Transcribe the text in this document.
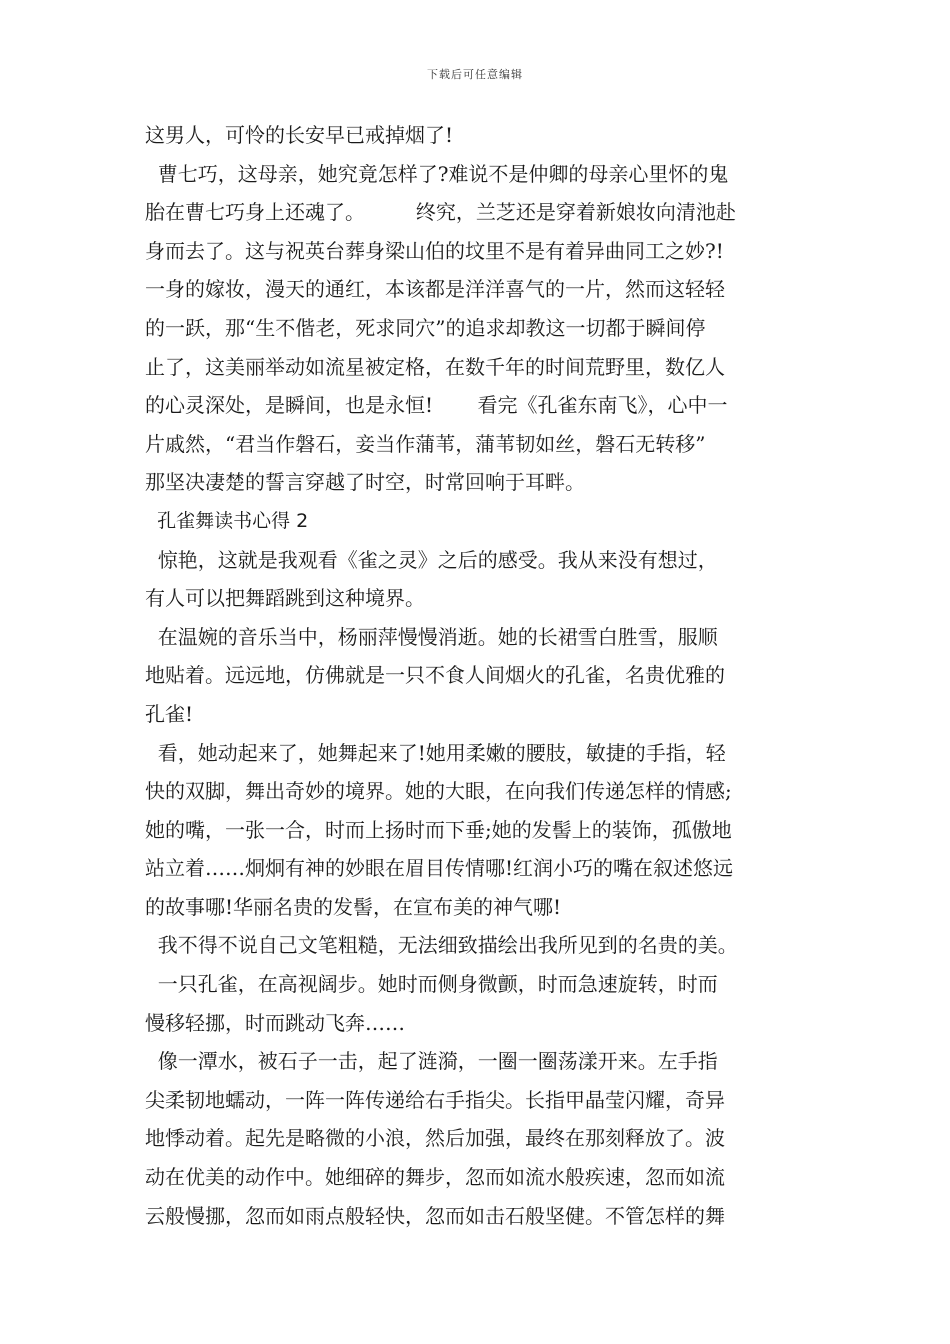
下载后可任意编辑
这男人，可怜的长安早已戒掉烟了!
曹七巧，这母亲，她究竟怎样了?难说不是仲卿的母亲心里怀的鬼
胎在曹七巧身上还魂了。        终究，兰芝还是穿着新娘妆向清池赴
身而去了。这与祝英台葬身梁山伯的坟里不是有着异曲同工之妙?!
一身的嫁妆，漫天的通红，本该都是洋洋喜气的一片，然而这轻轻
的一跃，那“生不偕老，死求同穴”的追求却教这一切都于瞬间停
止了，这美丽举动如流星被定格，在数千年的时间荒野里，数亿人
的心灵深处，是瞬间，也是永恒!       看完《孔雀东南飞》，心中一
片戚然，“君当作磐石，妾当作蒲苇，蒲苇韧如丝，磐石无转移”
那坚决凄楚的誓言穿越了时空，时常回响于耳畔。
孔雀舞读书心得 2
惊艳，这就是我观看《雀之灵》之后的感受。我从来没有想过，
有人可以把舞蹈跳到这种境界。
在温婉的音乐当中，杨丽萍慢慢消逝。她的长裙雪白胜雪，服顺
地贴着。远远地，仿佛就是一只不食人间烟火的孔雀，名贵优雅的
孔雀!
看，她动起来了，她舞起来了!她用柔嫩的腰肢，敏捷的手指，轻
快的双脚，舞出奇妙的境界。她的大眼，在向我们传递怎样的情感;
她的嘴，一张一合，时而上扬时而下垂;她的发髻上的装饰，孤傲地
站立着……炯炯有神的妙眼在眉目传情哪!红润小巧的嘴在叙述悠远
的故事哪!华丽名贵的发髻，在宣布美的神气哪!
我不得不说自己文笔粗糙，无法细致描绘出我所见到的名贵的美。
一只孔雀，在高视阔步。她时而侧身微颤，时而急速旋转，时而
慢移轻挪，时而跳动飞奔……
像一潭水，被石子一击，起了涟漪，一圈一圈荡漾开来。左手指
尖柔韧地蠕动，一阵一阵传递给右手指尖。长指甲晶莹闪耀，奇异
地悸动着。起先是略微的小浪，然后加强，最终在那刻释放了。波
动在优美的动作中。她细碎的舞步，忽而如流水般疾速，忽而如流
云般慢挪，忽而如雨点般轻快，忽而如击石般坚健。不管怎样的舞
